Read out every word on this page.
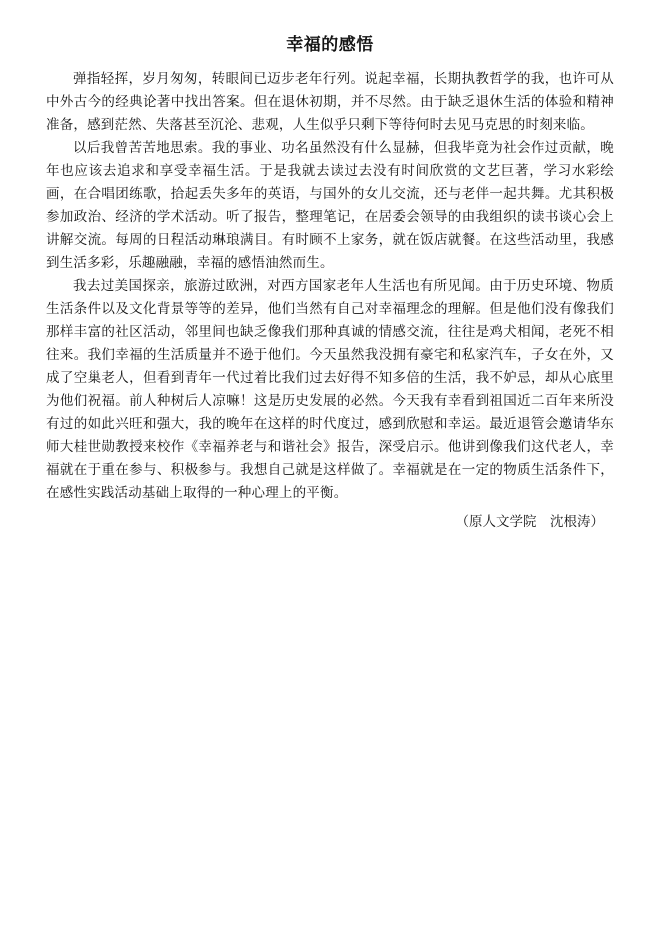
幸福的感悟

弹指轻挥，岁月匆匆，转眼间已迈步老年行列。说起幸福，长期执教哲学的我，也许可从中外古今的经典论著中找出答案。但在退休初期，并不尽然。由于缺乏退休生活的体验和精神准备，感到茫然、失落甚至沉沦、悲观，人生似乎只剩下等待何时去见马克思的时刻来临。

以后我曾苦苦地思索。我的事业、功名虽然没有什么显赫，但我毕竟为社会作过贡献，晚年也应该去追求和享受幸福生活。于是我就去读过去没有时间欣赏的文艺巨著，学习水彩绘画，在合唱团练歌，拾起丢失多年的英语，与国外的女儿交流，还与老伴一起共舞。尤其积极参加政治、经济的学术活动。听了报告，整理笔记，在居委会领导的由我组织的读书谈心会上讲解交流。每周的日程活动琳琅满目。有时顾不上家务，就在饭店就餐。在这些活动里，我感到生活多彩，乐趣融融，幸福的感悟油然而生。

我去过美国探亲，旅游过欧洲，对西方国家老年人生活也有所见闻。由于历史环境、物质生活条件以及文化背景等等的差异，他们当然有自己对幸福理念的理解。但是他们没有像我们那样丰富的社区活动，邻里间也缺乏像我们那种真诚的情感交流，往往是鸡犬相闻，老死不相往来。我们幸福的生活质量并不逊于他们。今天虽然我没拥有豪宅和私家汽车，子女在外，又成了空巢老人，但看到青年一代过着比我们过去好得不知多倍的生活，我不妒忌，却从心底里为他们祝福。前人种树后人凉嘛！这是历史发展的必然。今天我有幸看到祖国近二百年来所没有过的如此兴旺和强大，我的晚年在这样的时代度过，感到欣慰和幸运。最近退管会邀请华东师大桂世勋教授来校作《幸福养老与和谐社会》报告，深受启示。他讲到像我们这代老人，幸福就在于重在参与、积极参与。我想自己就是这样做了。幸福就是在一定的物质生活条件下，在感性实践活动基础上取得的一种心理上的平衡。

（原人文学院　沈根涛）
